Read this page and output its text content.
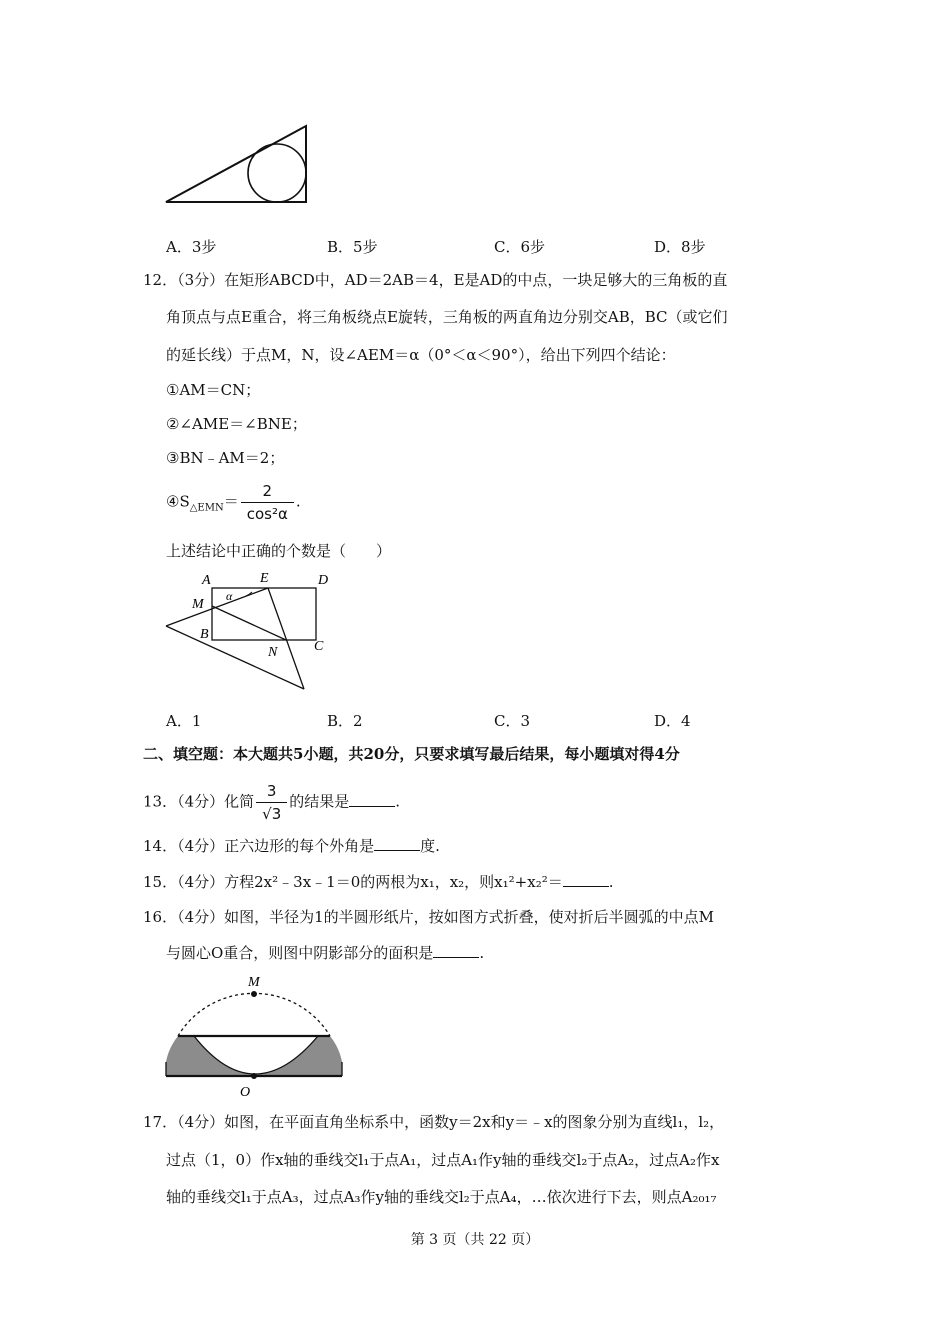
A．3步	B．5步	C．6步	D．8步
12．（3分）在矩形ABCD中，AD＝2AB＝4，E是AD的中点，一块足够大的三角板的直
角顶点与点E重合，将三角板绕点E旋转，三角板的两直角边分别交AB，BC（或它们
的延长线）于点M，N，设∠AEM＝α（0°＜α＜90°），给出下列四个结论：
①AM＝CN；
②∠AME＝∠BNE；
③BN﹣AM＝2；
$④S_{\triangle EMN}= \frac{2}{\text{cos²α}}$ .
上述结论中正确的个数是（　　）
A	E	D
M
α
B
N	C
A．1	B．2	C．3	D．4
二、填空题：本大题共5小题，共20分，只要求填写最后结果，每小题填对得4分
13．（4分）化简 $\frac{3}{√3}$ 的结果是	.
14．（4分）正六边形的每个外角是	度.
15．（4分）方程2x²﹣3x﹣1＝0的两根为x₁，x₂，则x₁²+x₂²＝	.
16．（4分）如图，半径为1的半圆形纸片，按如图方式折叠，使对折后半圆弧的中点M
与圆心O重合，则图中阴影部分的面积是	.
M
O
17．（4分）如图，在平面直角坐标系中，函数y＝2x和y＝﹣x的图象分别为直线l₁，l₂，
过点（1，0）作x轴的垂线交l₁于点A₁，过点A₁作y轴的垂线交l₂于点A₂，过点A₂作x
轴的垂线交l₁于点A₃，过点A₃作y轴的垂线交l₂于点A₄，…依次进行下去，则点A₂₀₁₇
第 3 页（共 22 页）
